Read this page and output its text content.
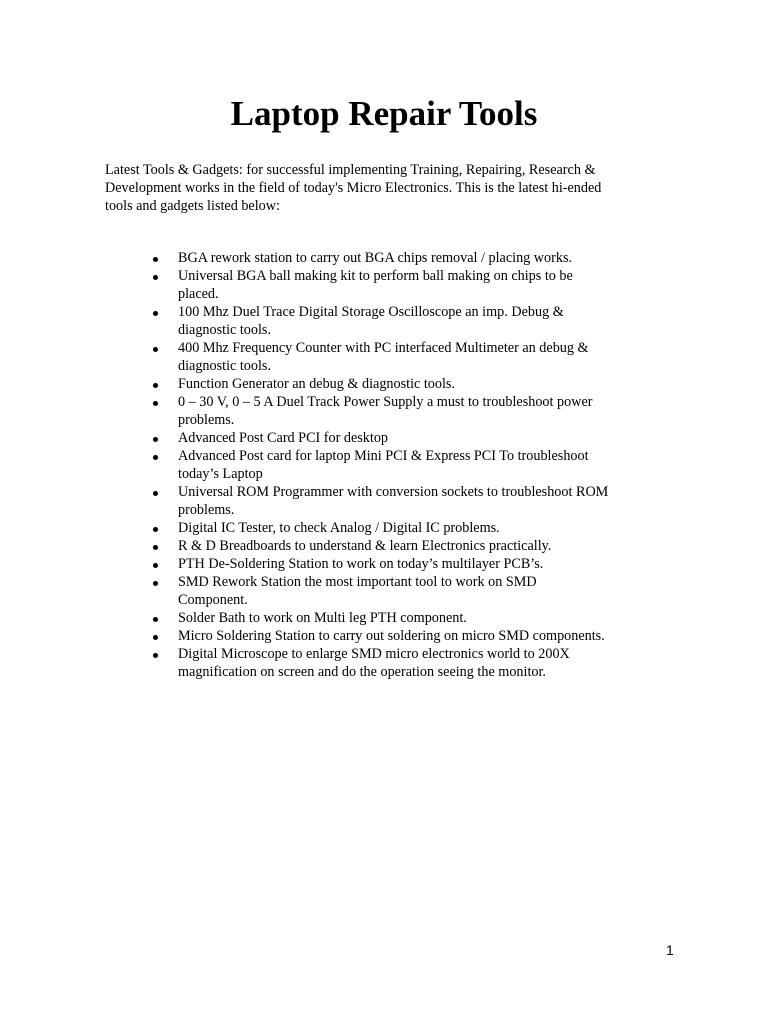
Laptop Repair Tools

Latest Tools & Gadgets: for successful implementing Training, Repairing, Research &
Development works in the field of today's Micro Electronics. This is the latest hi-ended
tools and gadgets listed below:

BGA rework station to carry out BGA chips removal / placing works.
Universal BGA ball making kit to perform ball making on chips to be
placed.
100 Mhz Duel Trace Digital Storage Oscilloscope an imp. Debug &
diagnostic tools.
400 Mhz Frequency Counter with PC interfaced Multimeter an debug &
diagnostic tools.
Function Generator an debug & diagnostic tools.
0 – 30 V, 0 – 5 A Duel Track Power Supply a must to troubleshoot power
problems.
Advanced Post Card PCI for desktop
Advanced Post card for laptop Mini PCI & Express PCI To troubleshoot
today’s Laptop
Universal ROM Programmer with conversion sockets to troubleshoot ROM
problems.
Digital IC Tester, to check Analog / Digital IC problems.
R & D Breadboards to understand & learn Electronics practically.
PTH De-Soldering Station to work on today’s multilayer PCB’s.
SMD Rework Station the most important tool to work on SMD
Component.
Solder Bath to work on Multi leg PTH component.
Micro Soldering Station to carry out soldering on micro SMD components.
Digital Microscope to enlarge SMD micro electronics world to 200X
magnification on screen and do the operation seeing the monitor.
1
